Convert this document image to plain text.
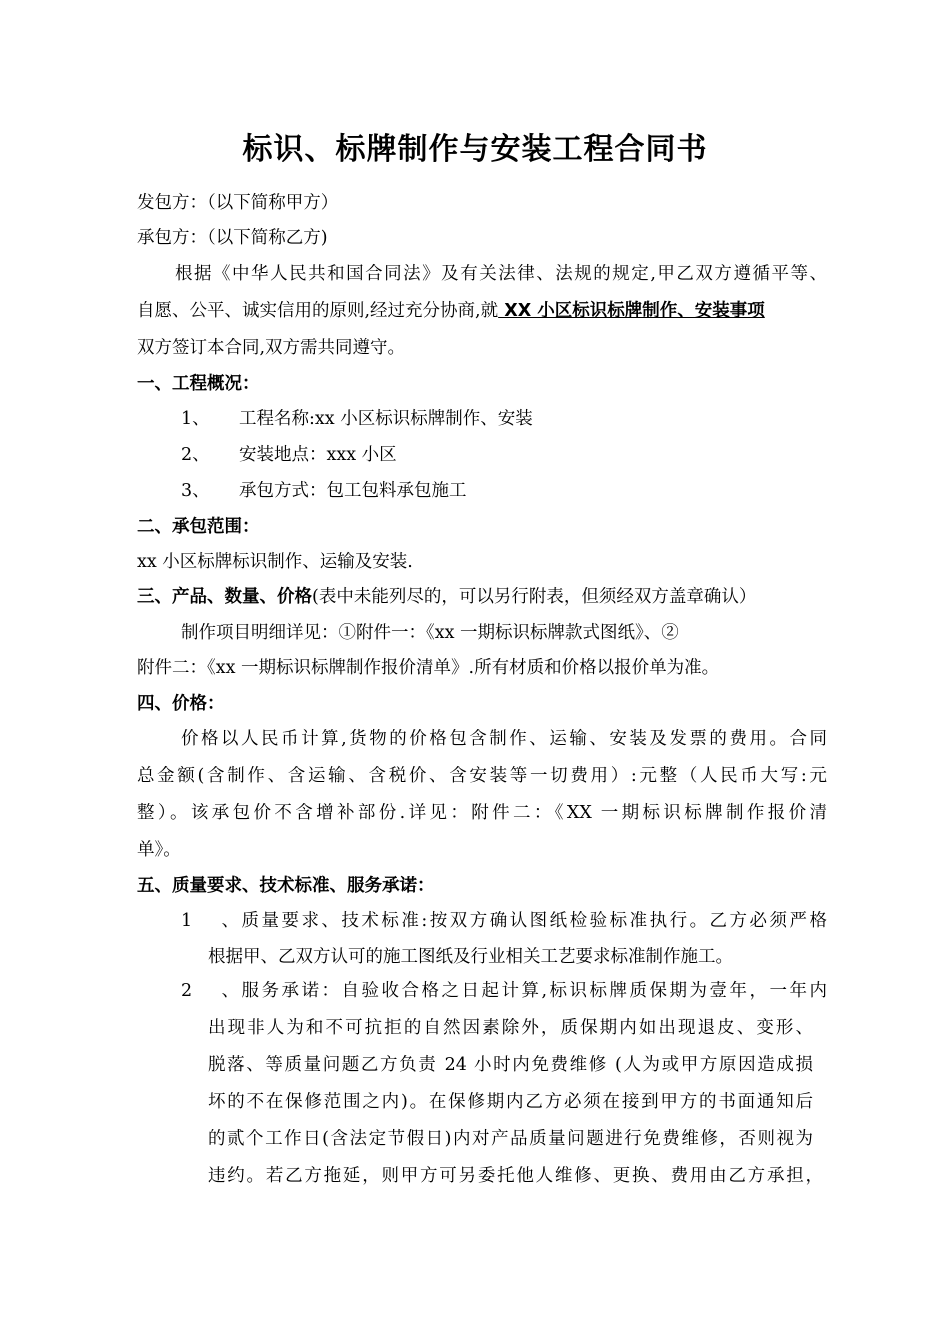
标识、标牌制作与安装工程合同书
发包方：（以下简称甲方）
承包方：（以下简称乙方)
根据《中华人民共和国合同法》及有关法律、法规的规定,甲乙双方遵循平等、
自愿、公平、诚实信用的原则,经过充分协商,就 XX 小区标识标牌制作、安装事项
双方签订本合同,双方需共同遵守。
一、工程概况：
1、 工程名称:xx 小区标识标牌制作、安装
2、 安装地点：xxx 小区
3、 承包方式：包工包料承包施工
二、承包范围：
xx 小区标牌标识制作、运输及安装.
三、产品、数量、价格(表中未能列尽的，可以另行附表，但须经双方盖章确认）
制作项目明细详见：①附件一：《xx 一期标识标牌款式图纸》、②
附件二：《xx 一期标识标牌制作报价清单》.所有材质和价格以报价单为准。
四、价格：
价格以人民币计算,货物的价格包含制作、运输、安装及发票的费用。合同
总金额(含制作、含运输、含税价、含安装等一切费用）:元整（人民币大写:元
整）。该承包价不含增补部份.详见：附件二：《XX 一期标识标牌制作报价清
单》。
五、质量要求、技术标准、服务承诺：
1、质量要求、技术标准:按双方确认图纸检验标准执行。乙方必须严格
根据甲、乙双方认可的施工图纸及行业相关工艺要求标准制作施工。
2、服务承诺：自验收合格之日起计算,标识标牌质保期为壹年，一年内
出现非人为和不可抗拒的自然因素除外，质保期内如出现退皮、变形、
脱落、等质量问题乙方负责 24 小时内免费维修 (人为或甲方原因造成损
坏的不在保修范围之内)。在保修期内乙方必须在接到甲方的书面通知后
的贰个工作日(含法定节假日)内对产品质量问题进行免费维修，否则视为
违约。若乙方拖延，则甲方可另委托他人维修、更换、费用由乙方承担，
